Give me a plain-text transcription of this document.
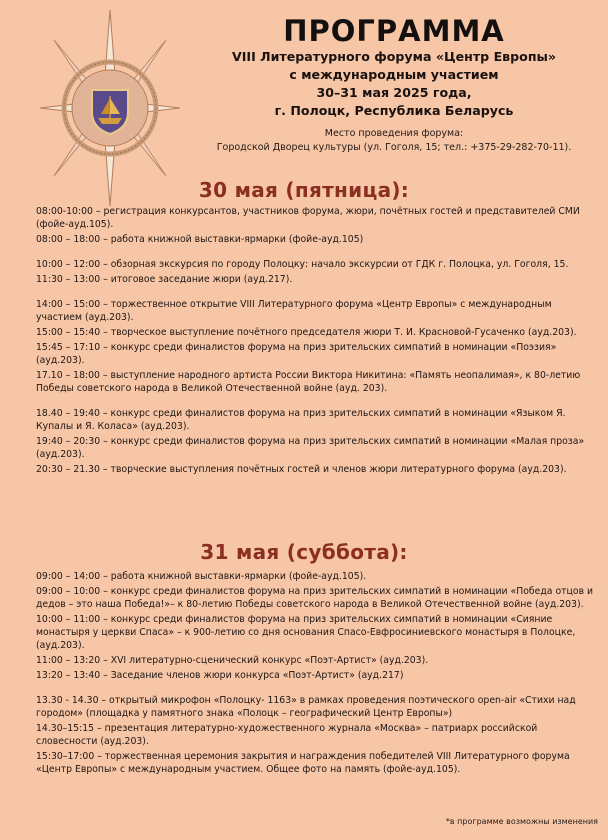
ПРОГРАММА
VIII Литературного форума «Центр Европы»
с международным участием
30–31 мая 2025 года,
г. Полоцк, Республика Беларусь
Место проведения форума:
Городской Дворец культуры (ул. Гоголя, 15; тел.: +375-29-282-70-11).
30 мая (пятница):

08:00-10:00 – регистрация конкурсантов, участников форума, жюри, почётных гостей и представителей СМИ (фойе-ауд.105).

08:00 – 18:00 – работа книжной выставки-ярмарки (фойе-ауд.105)

10:00 – 12:00 – обзорная экскурсия по городу Полоцку: начало экскурсии от ГДК г. Полоцка, ул. Гоголя, 15.

11:30 – 13:00 – итоговое заседание жюри (ауд.217).

14:00 – 15:00 – торжественное открытие VIII Литературного форума «Центр Европы» с международным участием (ауд.203).

15:00 – 15:40 – творческое выступление почётного председателя жюри Т. И. Красновой-Гусаченко (ауд.203).

15:45 – 17:10 – конкурс среди финалистов форума на приз зрительских симпатий в номинации «Поэзия» (ауд.203).

17.10 – 18:00 – выступление народного артиста России Виктора Никитина: «Память неопалимая», к 80-летию Победы советского народа в Великой Отечественной войне (ауд. 203).

18.40 – 19:40 – конкурс среди финалистов форума на приз зрительских симпатий в номинации «Языком Я. Купалы и Я. Коласа» (ауд.203).

19:40 – 20:30 – конкурс среди финалистов форума на приз зрительских симпатий в номинации «Малая проза» (ауд.203).

20:30 – 21.30 – творческие выступления почётных гостей и членов жюри литературного форума (ауд.203).

31 мая (суббота):

09:00 – 14:00 – работа книжной выставки-ярмарки (фойе-ауд.105).

09:00 – 10:00 – конкурс среди финалистов форума на приз зрительских симпатий в номинации «Победа отцов и дедов – это наша Победа!»– к 80-летию Победы советского народа в Великой Отечественной войне (ауд.203).

10:00 – 11:00 – конкурс среди финалистов форума на приз зрительских симпатий в номинации «Сияние монастыря у церкви Спаса» – к 900-летию со дня основания Спасо-Евфросиниевского монастыря в Полоцке, (ауд.203).

11:00 – 13:20 – XVI литературно-сценический конкурс «Поэт-Артист» (ауд.203).

13:20 – 13:40 – Заседание членов жюри конкурса «Поэт-Артист» (ауд.217)

13.30 - 14.30 – открытый микрофон «Полоцку- 1163» в рамках проведения поэтического open-air «Стихи над городом» (площадка у памятного знака «Полоцк – географический Центр Европы»)

14.30–15:15 – презентация литературно-художественного журнала «Москва» – патриарх российской словесности (ауд.203).

15:30–17:00 – торжественная церемония закрытия и награждения победителей VIII Литературного форума «Центр Европы» с международным участием. Общее фото на память (фойе-ауд.105).

*в программе возможны изменения
